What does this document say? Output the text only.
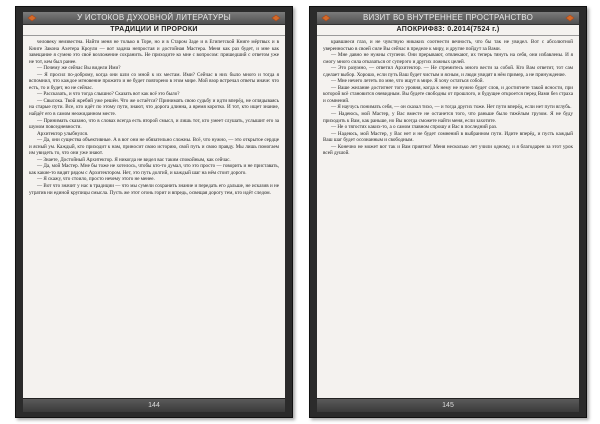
У ИСТОКОВ ДУХОВНОЙ ЛИТЕРАТУРЫ
ТРАДИЦИИ И ПРОРОКИ

человеку неизвестна. Найти меня не только в Торе, но и в Старом Заде и в Египетской Книге мёртвых и в Книге Закона Ахетера Кроули — вот задача непростая и достойная Мастера. Меня как раз будет, и мне как завещание я сумею это своё возложение сохранить. Не приходите ко мне с вопросом: пришедший с ответом уже не тот, кем был ранее.

— Почему же сейчас Вы видели Ими?

— Я просил по-доброму, когда они шли со мной к их местам. Ими? Сейчас в них было много и тогда я вспомнил, что каждое мгновение прожито и не будет повторено в этом мире. Мой взор встречал ответы иначе: что есть, то и будет, но не сейчас.

— Рассказать, и что тогда слышно? Сказать вот как всё это было?

— Свысока. Твой жребий уже решён. Что же остаётся? Принимать свою судьбу и идти вперёд, не оглядываясь на старые пути. Все, кто идёт по этому пути, знают, что дорога длинна, а время коротко. И тот, кто ищет знание, найдёт его в самом неожиданном месте.

— Принимать сказано, что в словах всегда есть второй смысл, и лишь тот, кто умеет слушать, услышит его за шумом повседневности.

Архитектор улыбнулся.

— Да, они существа объективные. А в вот они не обязательно сложны. Всё, что нужно, — это открытое сердце и ясный ум. Каждый, кто приходит к нам, приносит свою историю, свой путь и свою правду. Мы лишь помогаем им увидеть то, что они уже знают.

— Знаете, Достойный Архитектор. Я никогда не видел вас таким спокойным, как сейчас.

— Да, мой Мастер. Мне бы тоже не хотелось, чтобы кто-то думал, что это просто — говорить и не приставать, как какие-то видят рядом с Архитектором. Нет, это путь долгий, и каждый шаг на нём стоит дорого.

— Я скажу, что стоило, просто нечему этого не менее.

— Вот что значит у нас в традиции — что мы сумели сохранить знание и передать его дальше, не исказив и не утратив ни единой крупицы смысла. Пусть же этот огонь горит и впредь, освещая дорогу тем, кто идёт следом.

144
ВИЗИТ ВО ВНУТРЕННЕЕ ПРОСТРАНСТВО
АПОКРИФ83: 0.2014(7524 г.)

кравшиеся глаз, и не чувствую никаких соотнести вечность, что бы так не увидел. Вот с абсолютной уверенностью в своей силе Вы сейчас в пределе к миру, и другие пойдут за Вами.

— Мне давно не нужны ступени. Они прерывают, отвлекают, их теперь тянуть на себя, они избавлены. И я смогу много сила отказаться от суперэго и других ложных целей.

— Это разумно, — ответил Архитектор. — Не стремитесь много вести за собой. Кто Вам ответит, тот сам сделает выбор. Хорошо, если путь Ваш будет чистым и ясным, и люди увидят в нём пример, а не принуждение.

— Мне нечего лететь по мне, что ищут в мире. Я хочу остаться собой.

— Ваше желание достигнет того уровня, когда к нему не нужно будет слов, и достигнете такой ясности, при которой всё становится очевидным. Вы будете свободны от прошлого, и будущее откроется перед Вами без страха и сомнений.

— Я научусь понимать себя, — он сказал тихо, — и тогда других тоже. Нет пути вперёд, если нет пути вглубь.

— Надеюсь, мой Мастер, у Вас вместе не останется того, что раньше было тяжёлым грузом. Я не буду приходить к Вам, как раньше, но Вы всегда сможете найти меня, если захотите.

— Не о тягостях каких-то, а о самом главном спрошу я Вас в последний раз.

— Надеюсь, мой Мастер, у Вас нет и не будет сомнений в выбранном пути. Идите вперёд, и пусть каждый Ваш шаг будет осознанным и свободным.

— Конечно не может вот так и Вам приятно! Меня несколько лет учили одному, и я благодарен за этот урок всей душой.

145
